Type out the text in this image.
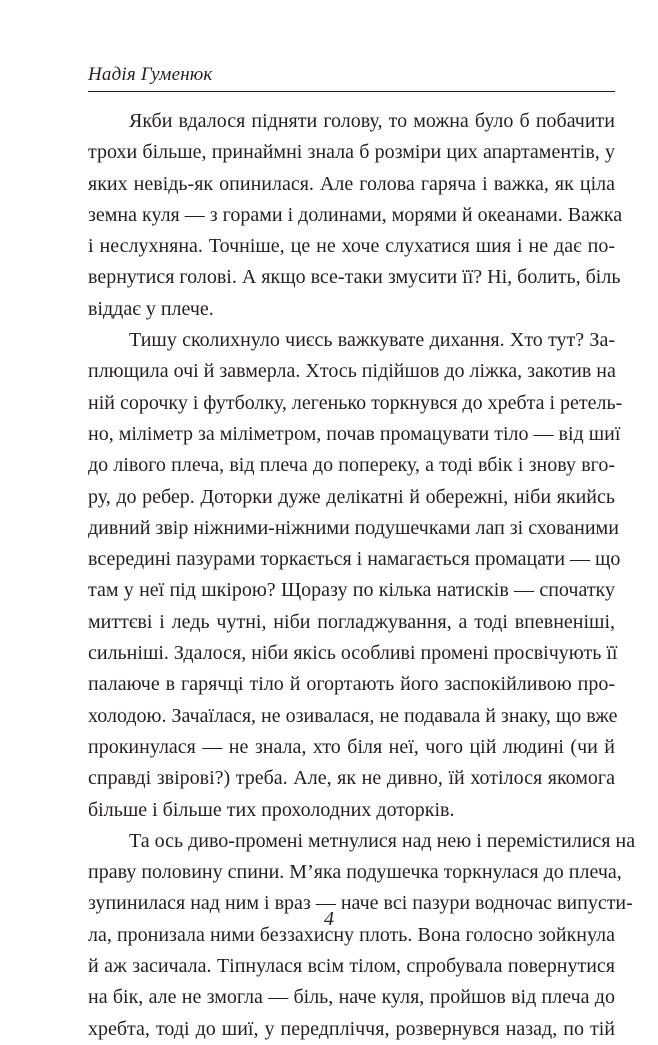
Надія Гуменюк
Якби вдалося підняти голову, то можна було б побачити
трохи більше, принаймні знала б розміри цих апартаментів, у
яких невідь-як опинилася. Але голова гаряча і важка, як ціла
земна куля — з горами і долинами, морями й океанами. Важка
і неслухняна. Точніше, це не хоче слухатися шия і не дає по-
вернутися голові. А якщо все-таки змусити її? Ні, болить, біль
віддає у плече.
Тишу сколихнуло чиєсь важкувате дихання. Хто тут? За-
плющила очі й завмерла. Хтось підійшов до ліжка, закотив на
ній сорочку і футболку, легенько торкнувся до хребта і ретель-
но, міліметр за міліметром, почав промацувати тіло — від шиї
до лівого плеча, від плеча до попереку, а тоді вбік і знову вго-
ру, до ребер. Доторки дуже делікатні й обережні, ніби якийсь
дивний звір ніжними-ніжними подушечками лап зі схованими
всередині пазурами торкається і намагається промацати — що
там у неї під шкірою? Щоразу по кілька натисків — спочатку
миттєві і ледь чутні, ніби погладжування, а тоді впевненіші,
сильніші. Здалося, ніби якісь особливі промені просвічують її
палаюче в гарячці тіло й огортають його заспокійливою про-
холодою. Зачаїлася, не озивалася, не подавала й знаку, що вже
прокинулася — не знала, хто біля неї, чого цій людині (чи й
справді звірові?) треба. Але, як не дивно, їй хотілося якомога
більше і більше тих прохолодних доторків.
Та ось диво-промені метнулися над нею і перемістилися на
праву половину спини. М’яка подушечка торкнулася до плеча,
зупинилася над ним і враз — наче всі пазури водночас випусти-
ла, пронизала ними беззахисну плоть. Вона голосно зойкнула
й аж засичала. Тіпнулася всім тілом, спробувала повернутися
на бік, але не змогла — біль, наче куля, пройшов від плеча до
хребта, тоді до шиї, у передпліччя, розвернувся назад, по тій
4
